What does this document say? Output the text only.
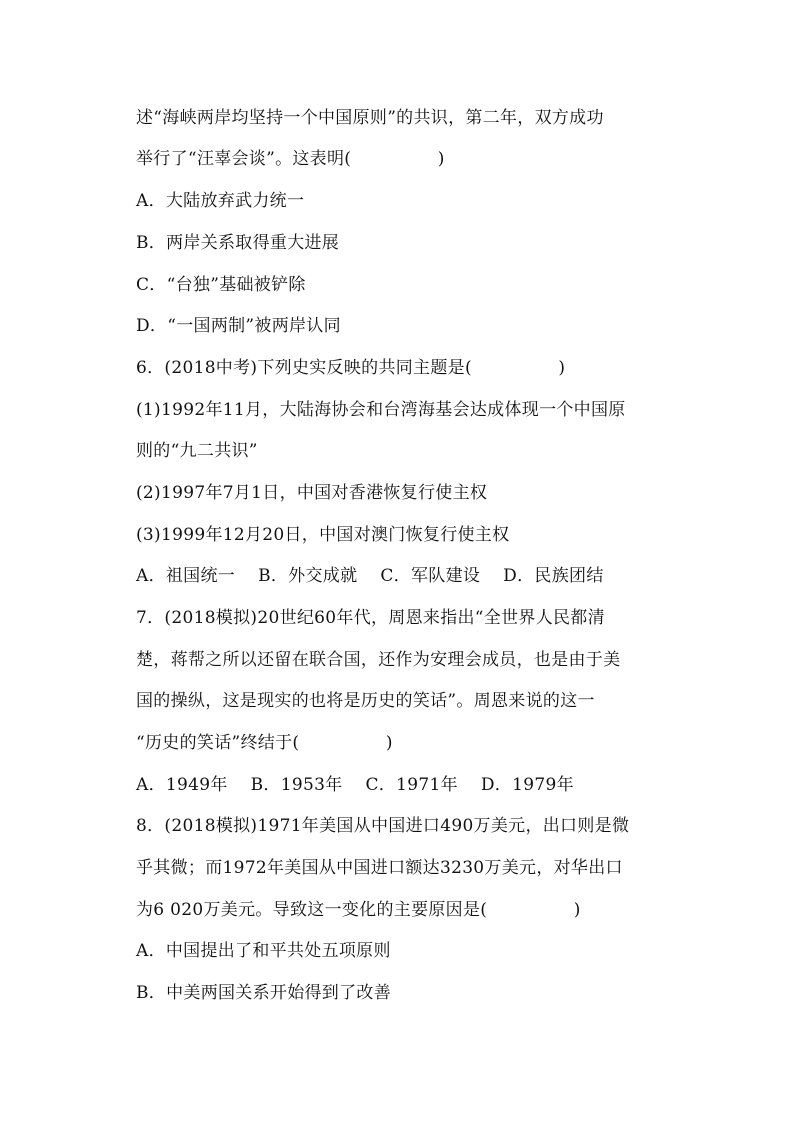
述“海峡两岸均坚持一个中国原则”的共识，第二年，双方成功
举行了“汪辜会谈”。这表明(　　　　　)
A．大陆放弃武力统一
B．两岸关系取得重大进展
C．“台独”基础被铲除
D．“一国两制”被两岸认同
6．(2018中考)下列史实反映的共同主题是(　　　　　)
(1)1992年11月，大陆海协会和台湾海基会达成体现一个中国原
则的“九二共识”
(2)1997年7月1日，中国对香港恢复行使主权
(3)1999年12月20日，中国对澳门恢复行使主权
A．祖国统一　 B．外交成就　 C．军队建设　 D．民族团结
7．(2018模拟)20世纪60年代，周恩来指出“全世界人民都清
楚，蒋帮之所以还留在联合国，还作为安理会成员，也是由于美
国的操纵，这是现实的也将是历史的笑话”。周恩来说的这一
“历史的笑话”终结于(　　　　　)
A．1949年　 B．1953年　 C．1971年　 D．1979年
8．(2018模拟)1971年美国从中国进口490万美元，出口则是微
乎其微；而1972年美国从中国进口额达3230万美元，对华出口
为6 020万美元。导致这一变化的主要原因是(　　　　　)
A．中国提出了和平共处五项原则
B．中美两国关系开始得到了改善
